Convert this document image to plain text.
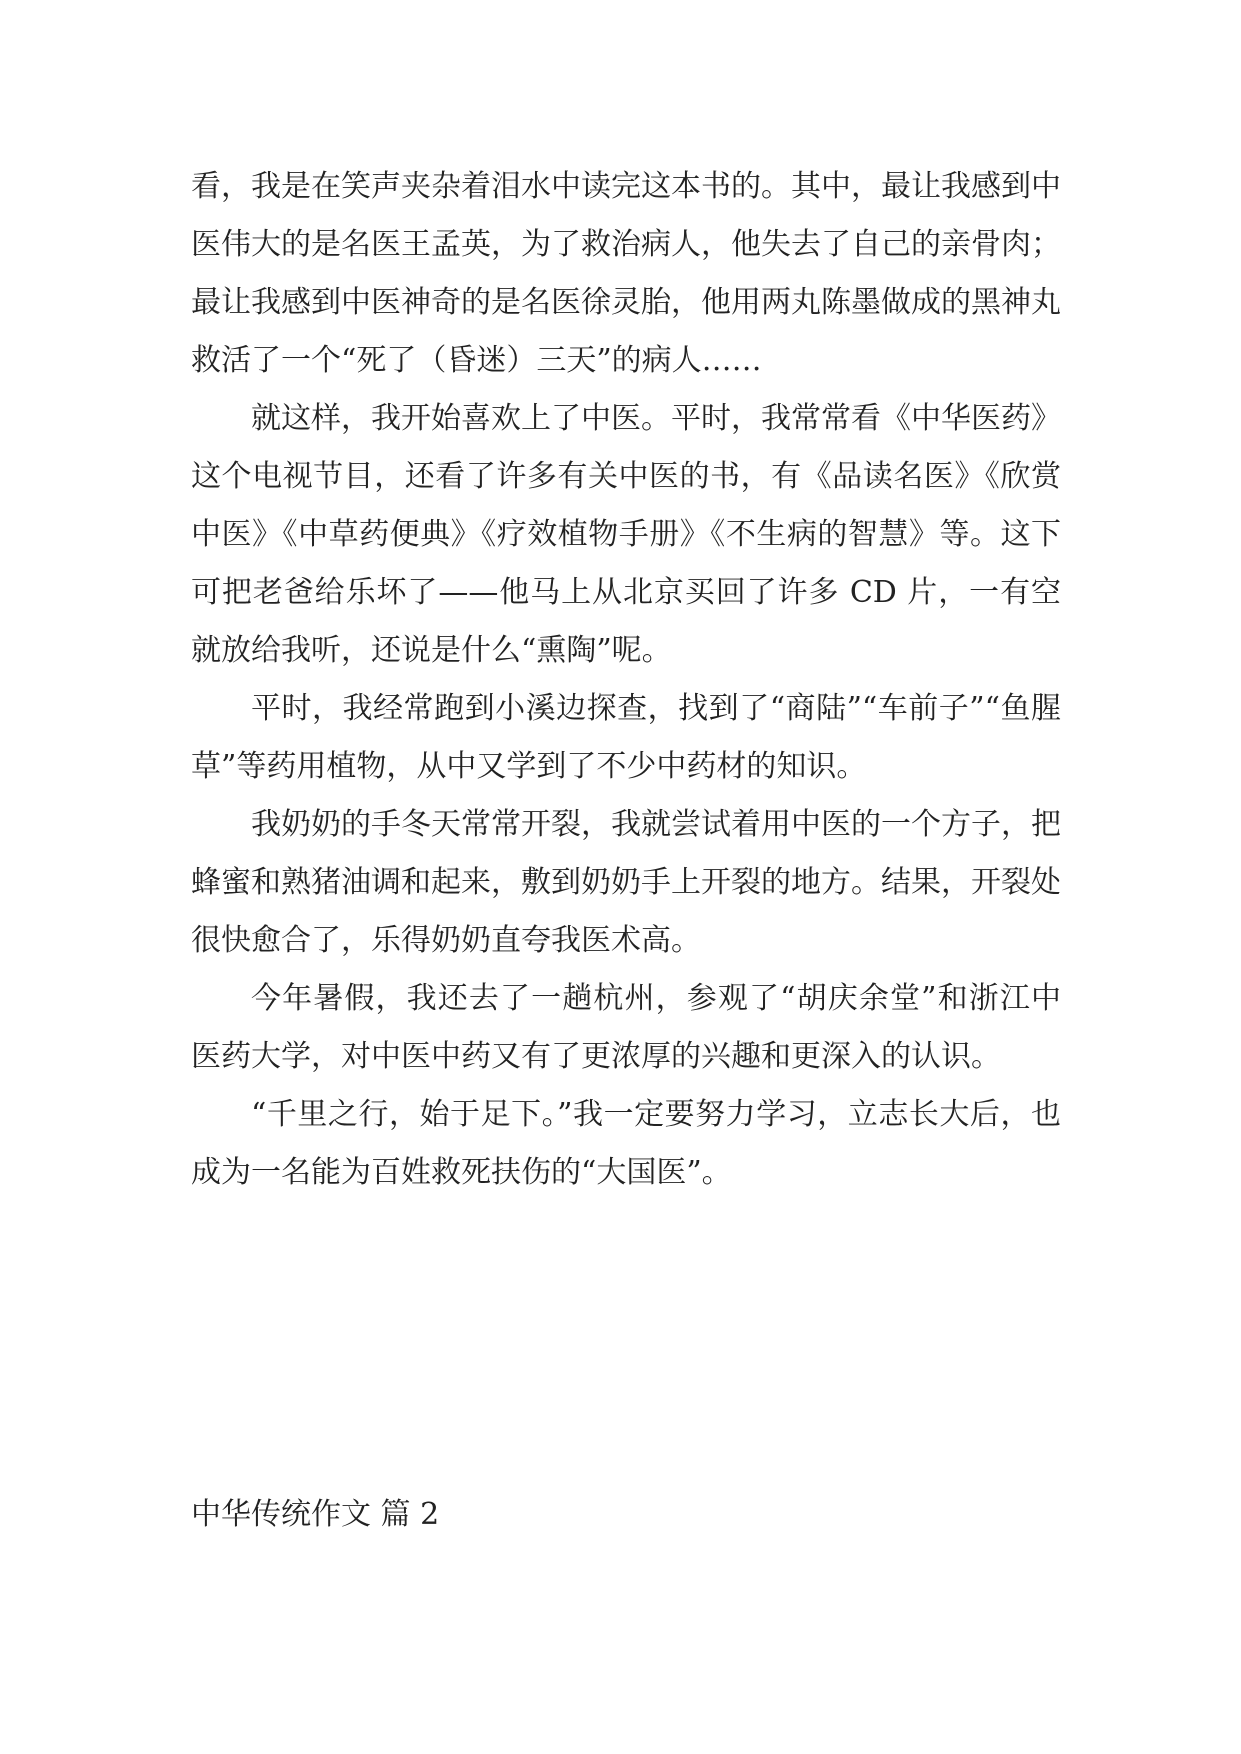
看，我是在笑声夹杂着泪水中读完这本书的。其中，最让我感到中医伟大的是名医王孟英，为了救治病人，他失去了自己的亲骨肉；最让我感到中医神奇的是名医徐灵胎，他用两丸陈墨做成的黑神丸救活了一个“死了（昏迷）三天”的病人……

就这样，我开始喜欢上了中医。平时，我常常看《中华医药》这个电视节目，还看了许多有关中医的书，有《品读名医》《欣赏中医》《中草药便典》《疗效植物手册》《不生病的智慧》等。这下可把老爸给乐坏了——他马上从北京买回了许多 CD 片，一有空就放给我听，还说是什么“熏陶”呢。

平时，我经常跑到小溪边探查，找到了“商陆”“车前子”“鱼腥草”等药用植物，从中又学到了不少中药材的知识。

我奶奶的手冬天常常开裂，我就尝试着用中医的一个方子，把蜂蜜和熟猪油调和起来，敷到奶奶手上开裂的地方。结果，开裂处很快愈合了，乐得奶奶直夸我医术高。

今年暑假，我还去了一趟杭州，参观了“胡庆余堂”和浙江中医药大学，对中医中药又有了更浓厚的兴趣和更深入的认识。

“千里之行，始于足下。”我一定要努力学习，立志长大后，也成为一名能为百姓救死扶伤的“大国医”。

中华传统作文 篇 2
